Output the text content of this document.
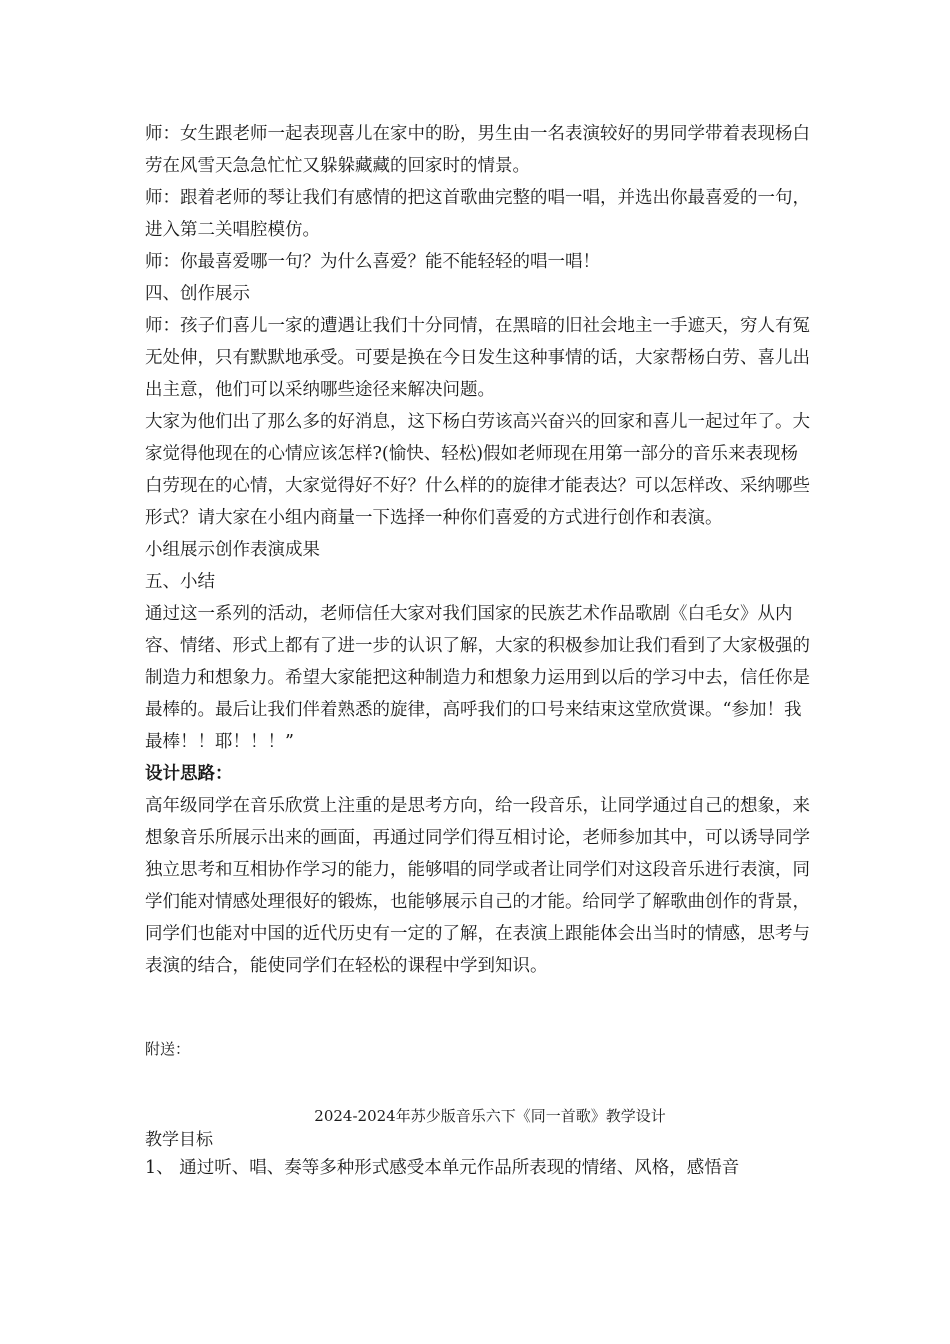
师：女生跟老师一起表现喜儿在家中的盼，男生由一名表演较好的男同学带着表现杨白劳在风雪天急急忙忙又躲躲藏藏的回家时的情景。

师：跟着老师的琴让我们有感情的把这首歌曲完整的唱一唱，并选出你最喜爱的一句，进入第二关唱腔模仿。

师：你最喜爱哪一句？为什么喜爱？能不能轻轻的唱一唱！

四、创作展示

师：孩子们喜儿一家的遭遇让我们十分同情，在黑暗的旧社会地主一手遮天，穷人有冤无处伸，只有默默地承受。可要是换在今日发生这种事情的话，大家帮杨白劳、喜儿出出主意，他们可以采纳哪些途径来解决问题。

大家为他们出了那么多的好消息，这下杨白劳该高兴奋兴的回家和喜儿一起过年了。大家觉得他现在的心情应该怎样?(愉快、轻松)假如老师现在用第一部分的音乐来表现杨白劳现在的心情，大家觉得好不好？什么样的的旋律才能表达？可以怎样改、采纳哪些形式？请大家在小组内商量一下选择一种你们喜爱的方式进行创作和表演。

小组展示创作表演成果

五、小结

通过这一系列的活动，老师信任大家对我们国家的民族艺术作品歌剧《白毛女》从内容、情绪、形式上都有了进一步的认识了解，大家的积极参加让我们看到了大家极强的制造力和想象力。希望大家能把这种制造力和想象力运用到以后的学习中去，信任你是最棒的。最后让我们伴着熟悉的旋律，高呼我们的口号来结束这堂欣赏课。“参加！我最棒！！耶！！！”

设计思路：

高年级同学在音乐欣赏上注重的是思考方向，给一段音乐，让同学通过自己的想象，来想象音乐所展示出来的画面，再通过同学们得互相讨论，老师参加其中，可以诱导同学独立思考和互相协作学习的能力，能够唱的同学或者让同学们对这段音乐进行表演，同学们能对情感处理很好的锻炼，也能够展示自己的才能。给同学了解歌曲创作的背景，同学们也能对中国的近代历史有一定的了解，在表演上跟能体会出当时的情感，思考与表演的结合，能使同学们在轻松的课程中学到知识。

附送：

2024-2024年苏少版音乐六下《同一首歌》教学设计

教学目标

1、 通过听、唱、奏等多种形式感受本单元作品所表现的情绪、风格，感悟音
